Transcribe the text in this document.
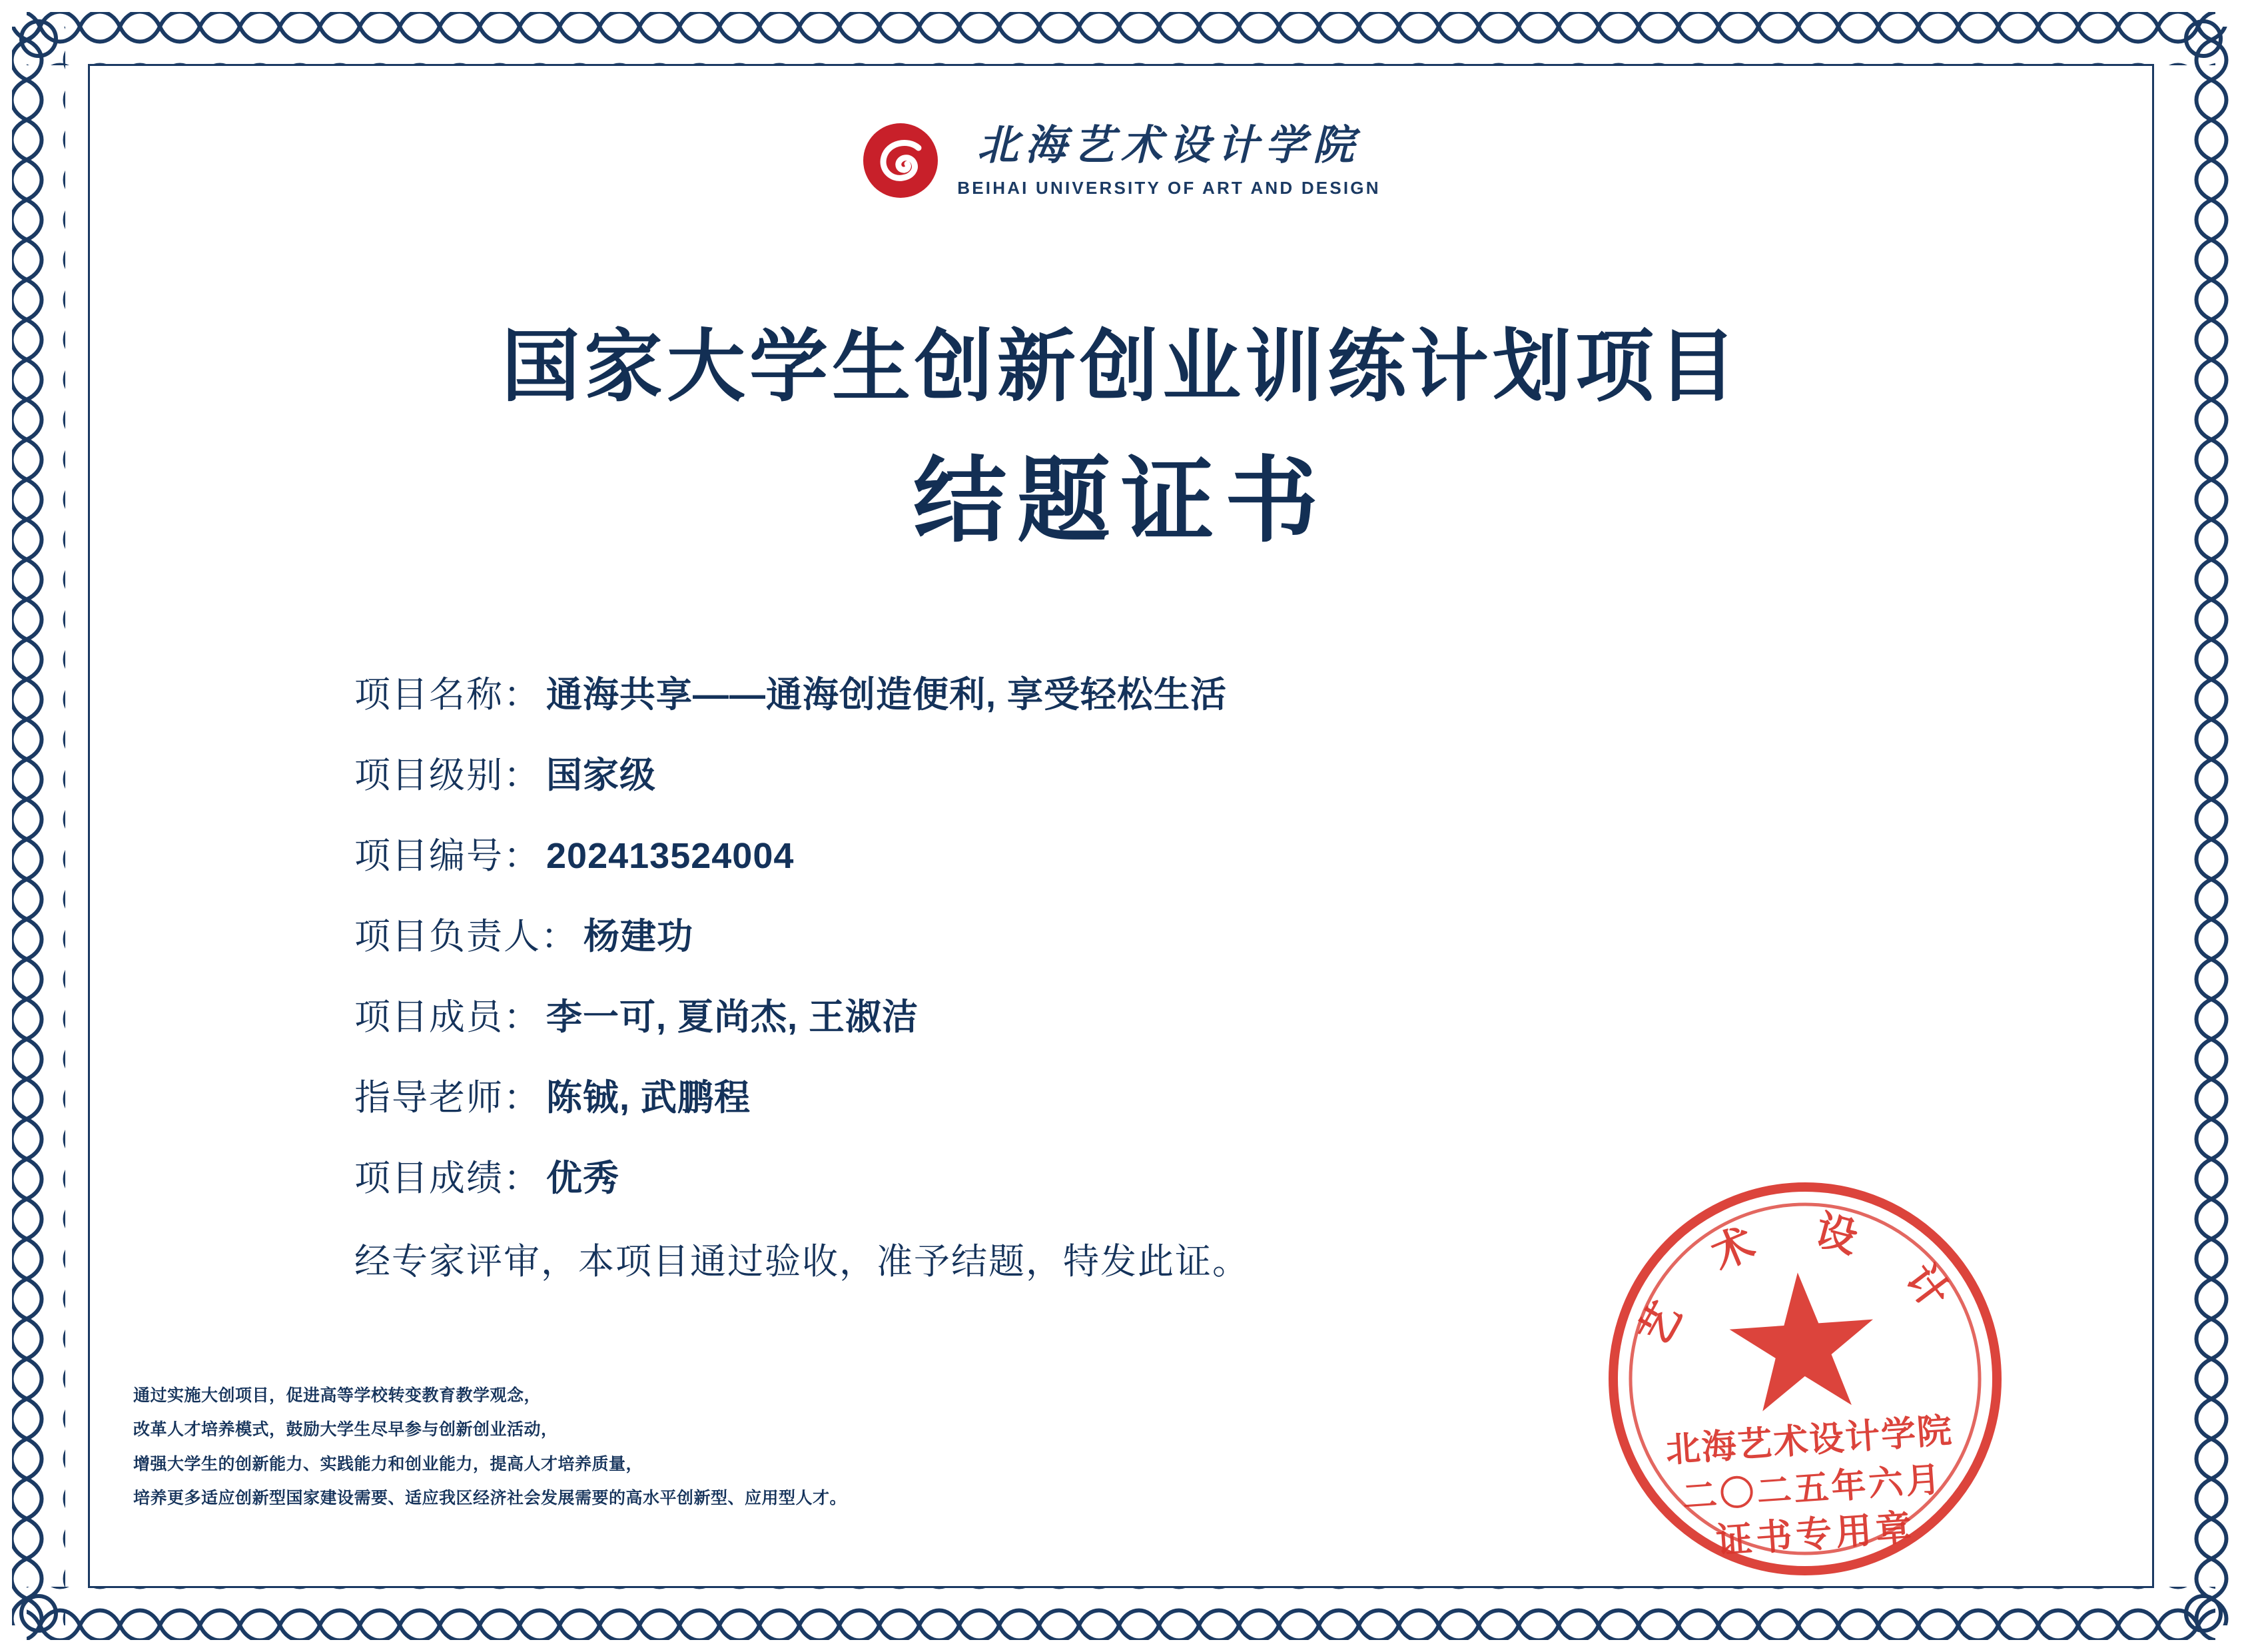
北海艺术设计学院
BEIHAI UNIVERSITY OF ART AND DESIGN
国家大学生创新创业训练计划项目
结题证书
项目名称： 通海共享——通海创造便利, 享受轻松生活
项目级别： 国家级
项目编号： 202413524004
项目负责人： 杨建功
项目成员： 李一可, 夏尚杰, 王淑洁
指导老师： 陈铖, 武鹏程
项目成绩： 优秀
经专家评审，本项目通过验收，准予结题，特发此证。
通过实施大创项目，促进高等学校转变教育教学观念，
改革人才培养模式，鼓励大学生尽早参与创新创业活动，
增强大学生的创新能力、实践能力和创业能力，提高人才培养质量，
培养更多适应创新型国家建设需要、适应我区经济社会发展需要的高水平创新型、应用型人才。
艺 术 设 计
北海艺术设计学院
二〇二五年六月
证书专用章
